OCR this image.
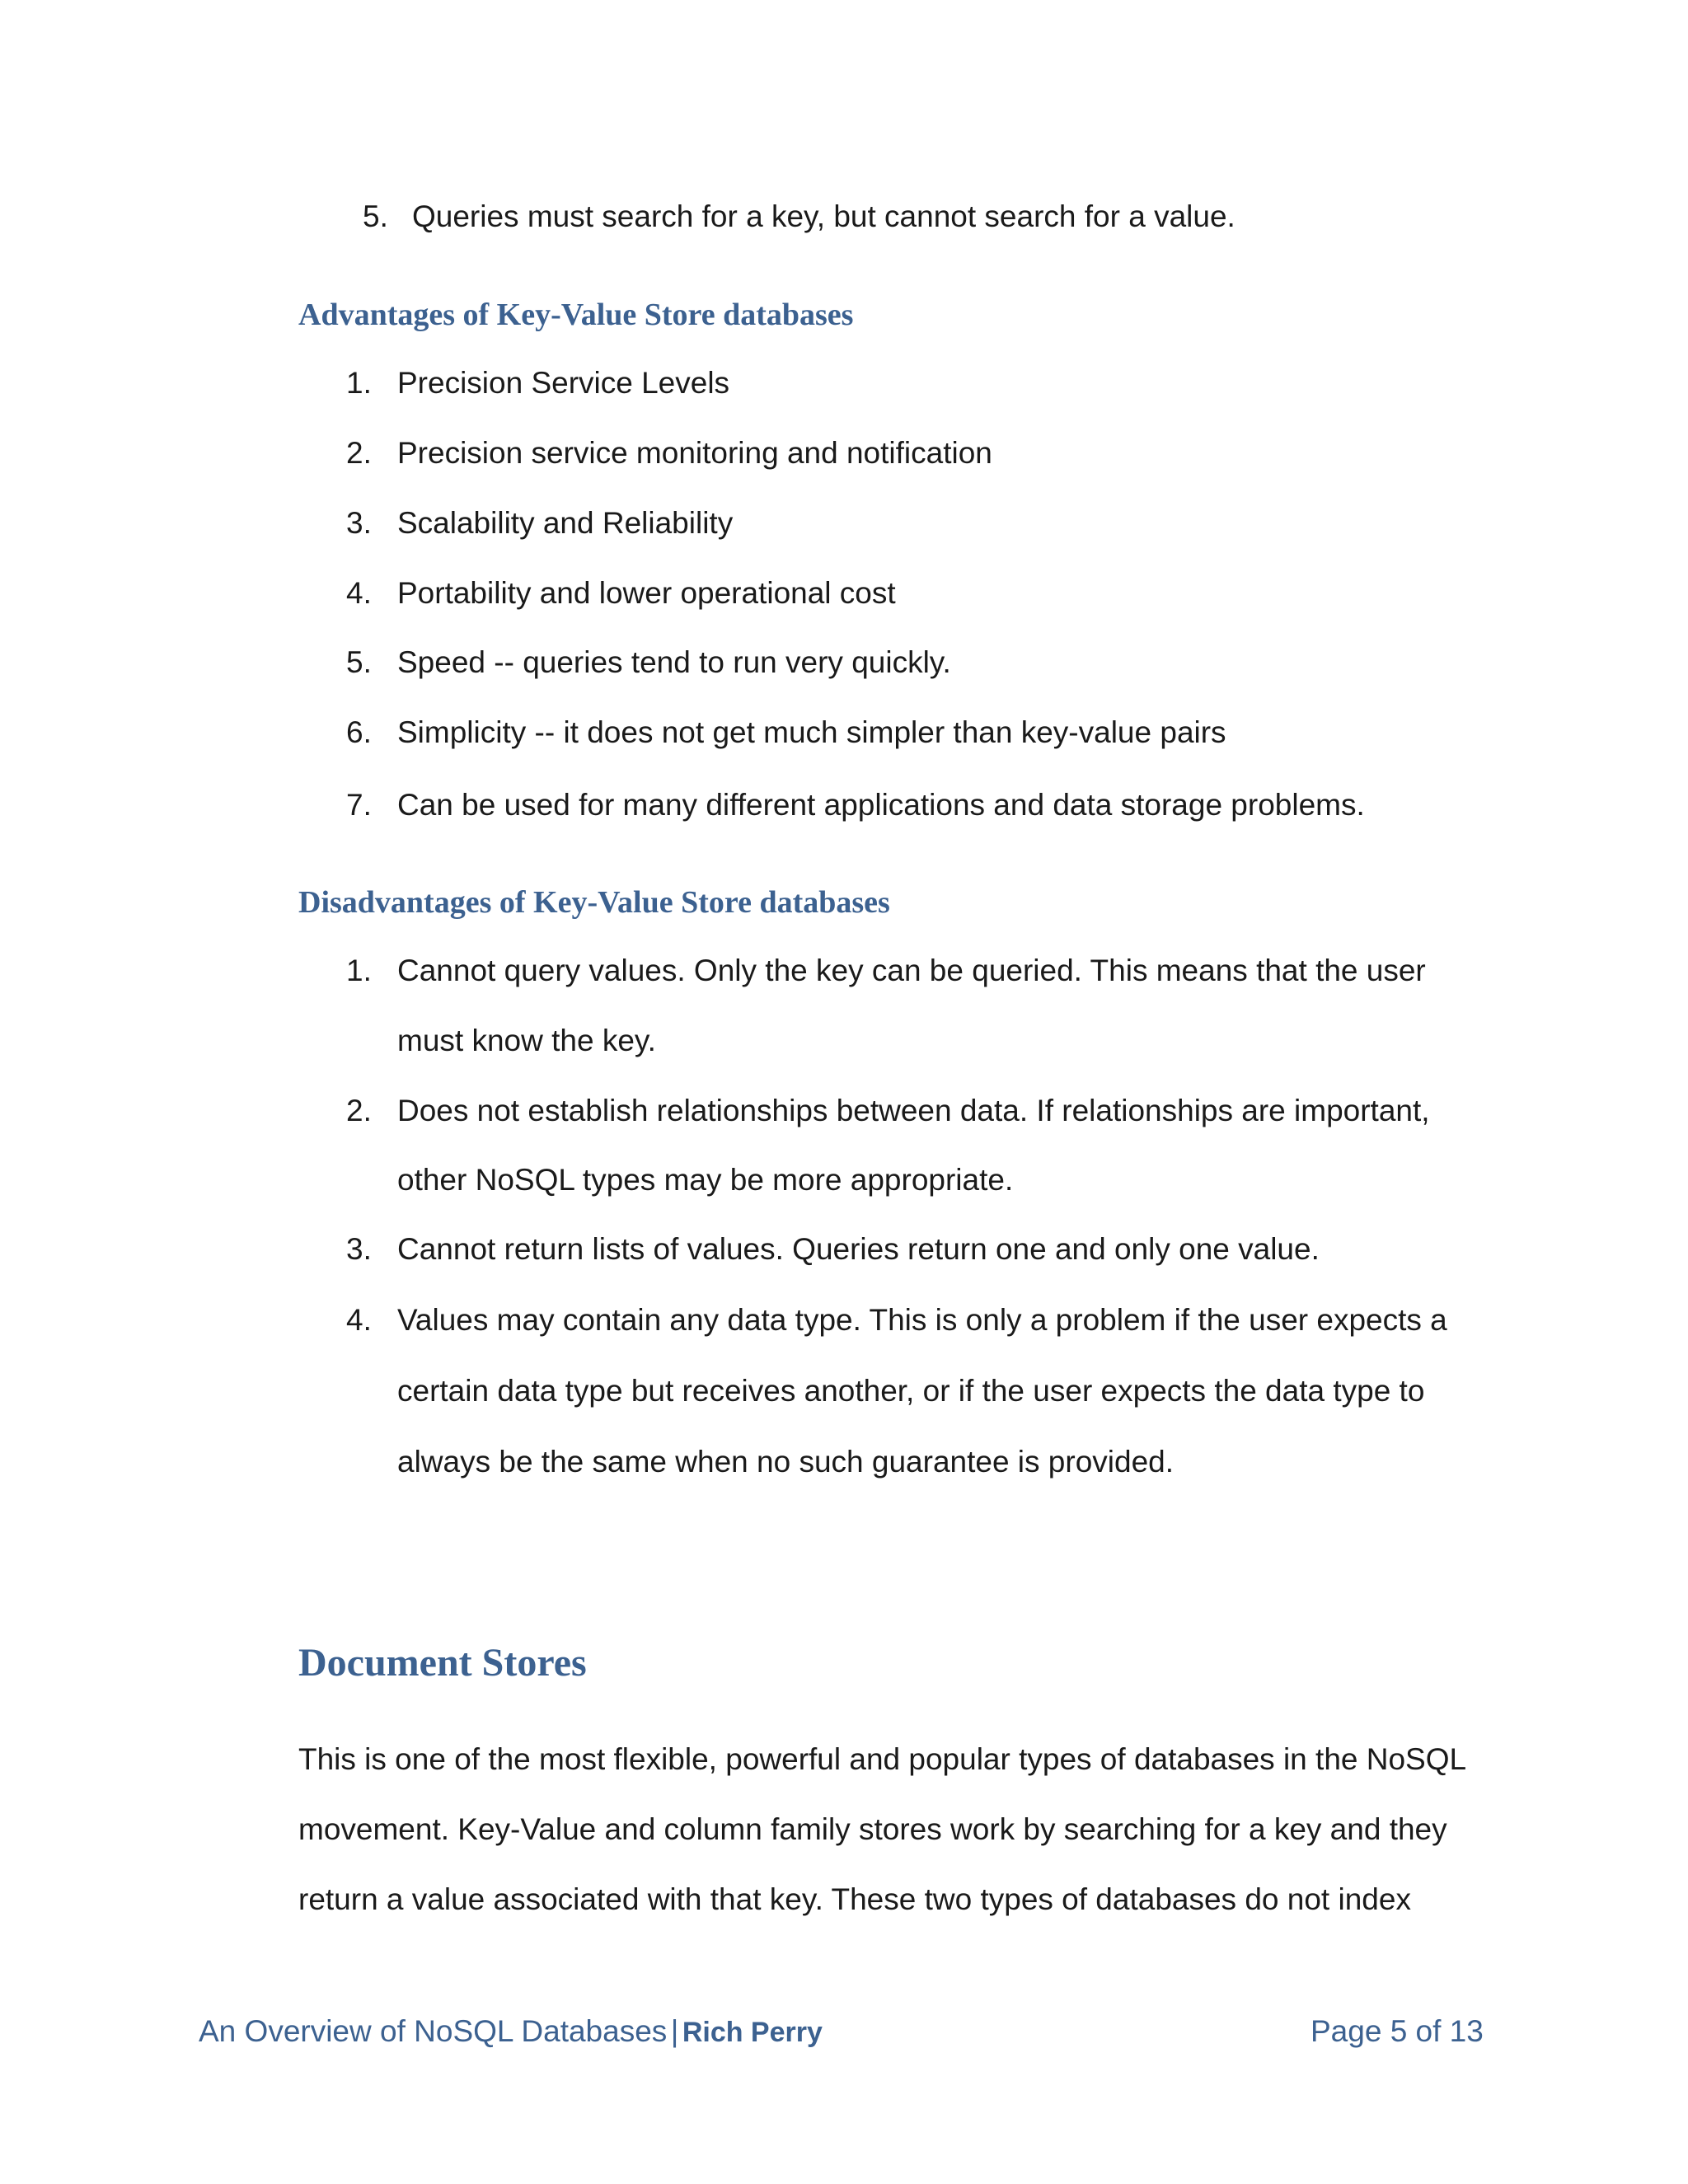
5. Queries must search for a key, but cannot search for a value.
Advantages of Key-Value Store databases
1. Precision Service Levels
2. Precision service monitoring and notification
3. Scalability and Reliability
4. Portability and lower operational cost
5. Speed -- queries tend to run very quickly.
6. Simplicity -- it does not get much simpler than key-value pairs
7. Can be used for many different applications and data storage problems.
Disadvantages of Key-Value Store databases
1. Cannot query values. Only the key can be queried. This means that the user
must know the key.
2. Does not establish relationships between data. If relationships are important,
other NoSQL types may be more appropriate.
3. Cannot return lists of values. Queries return one and only one value.
4. Values may contain any data type. This is only a problem if the user expects a
certain data type but receives another, or if the user expects the data type to
always be the same when no such guarantee is provided.
Document Stores
This is one of the most flexible, powerful and popular types of databases in the NoSQL
movement. Key-Value and column family stores work by searching for a key and they
return a value associated with that key. These two types of databases do not index
An Overview of NoSQL Databases | Rich Perry	Page 5 of 13
